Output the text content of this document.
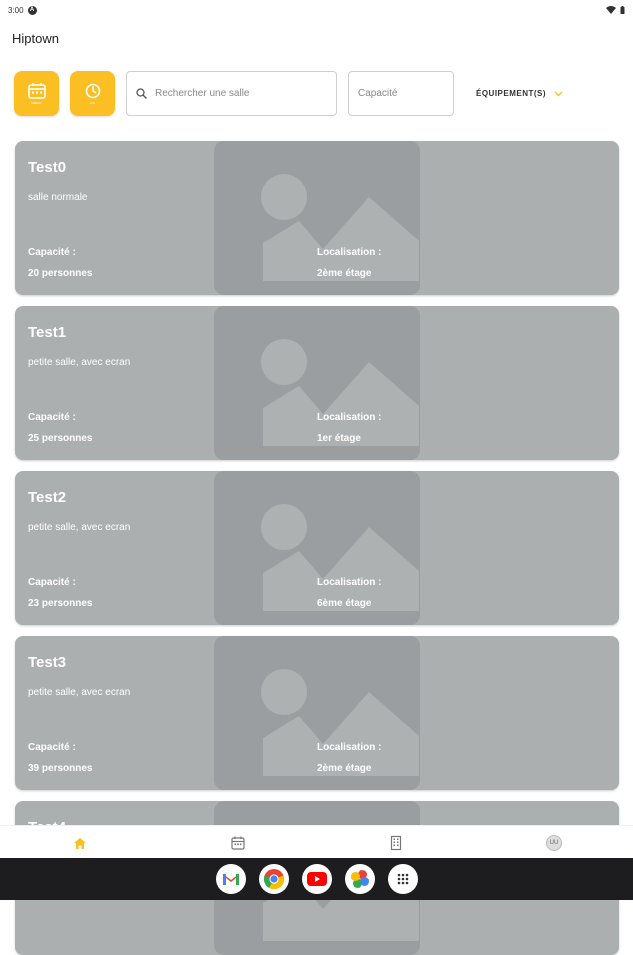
3:00	A
Hiptown
DÉBUT	FIN
Rechercher une salle
Capacité
ÉQUIPEMENT(S)
Test0
salle normale
Capacité :
20 personnes
Localisation :
2ème étage
Test1
petite salle, avec ecran
Capacité :
25 personnes
Localisation :
1er étage
Test2
petite salle, avec ecran
Capacité :
23 personnes
Localisation :
6ème étage
Test3
petite salle, avec ecran
Capacité :
39 personnes
Localisation :
2ème étage
UU
